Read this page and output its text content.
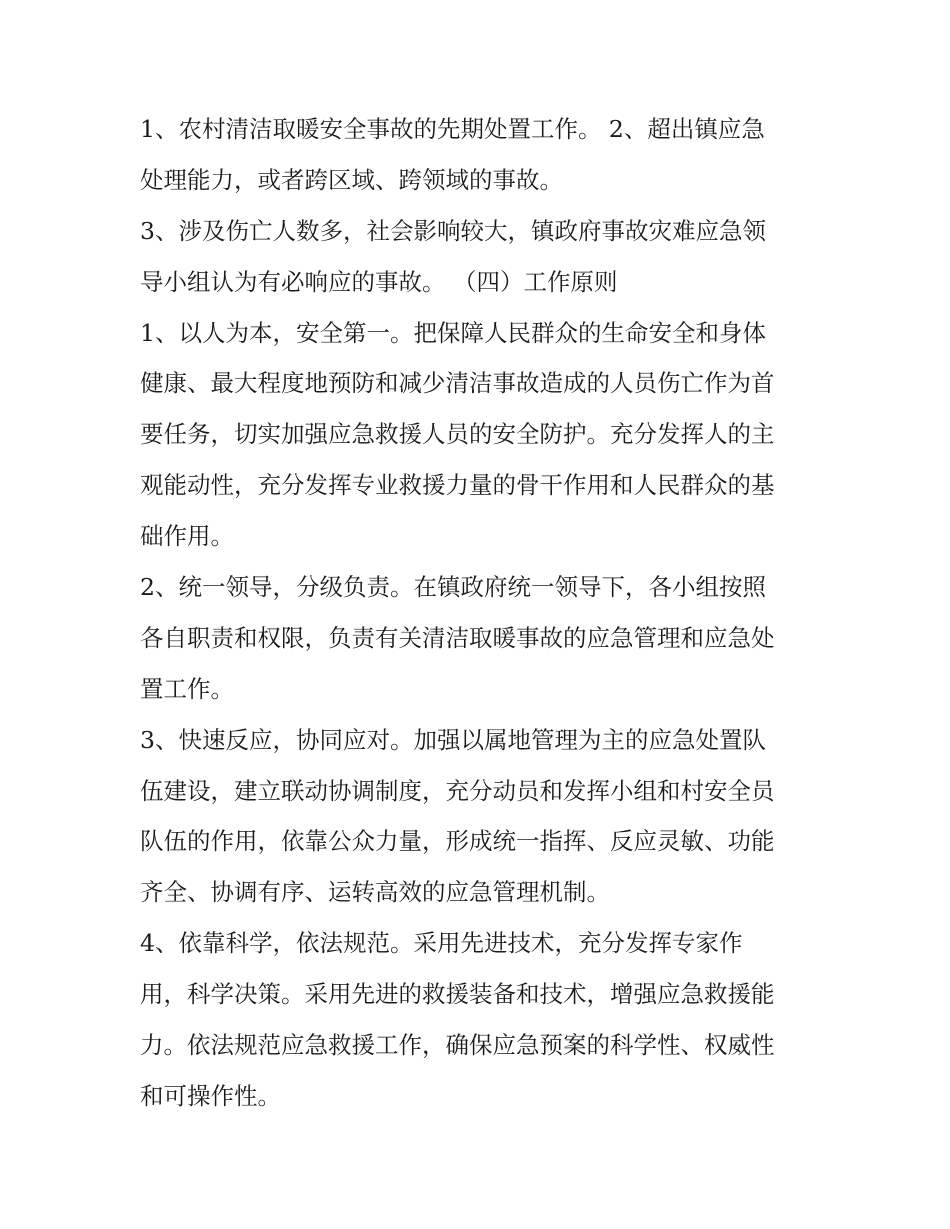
1、农村清洁取暖安全事故的先期处置工作。 2、超出镇应急
处理能力，或者跨区域、跨领域的事故。

3、涉及伤亡人数多，社会影响较大，镇政府事故灾难应急领
导小组认为有必响应的事故。 （四）工作原则

1、以人为本，安全第一。把保障人民群众的生命安全和身体
健康、最大程度地预防和减少清洁事故造成的人员伤亡作为首
要任务，切实加强应急救援人员的安全防护。充分发挥人的主
观能动性，充分发挥专业救援力量的骨干作用和人民群众的基
础作用。

2、统一领导，分级负责。在镇政府统一领导下，各小组按照
各自职责和权限，负责有关清洁取暖事故的应急管理和应急处
置工作。

3、快速反应，协同应对。加强以属地管理为主的应急处置队
伍建设，建立联动协调制度，充分动员和发挥小组和村安全员
队伍的作用，依靠公众力量，形成统一指挥、反应灵敏、功能
齐全、协调有序、运转高效的应急管理机制。

4、依靠科学，依法规范。采用先进技术，充分发挥专家作
用，科学决策。采用先进的救援装备和技术，增强应急救援能
力。依法规范应急救援工作，确保应急预案的科学性、权威性
和可操作性。
